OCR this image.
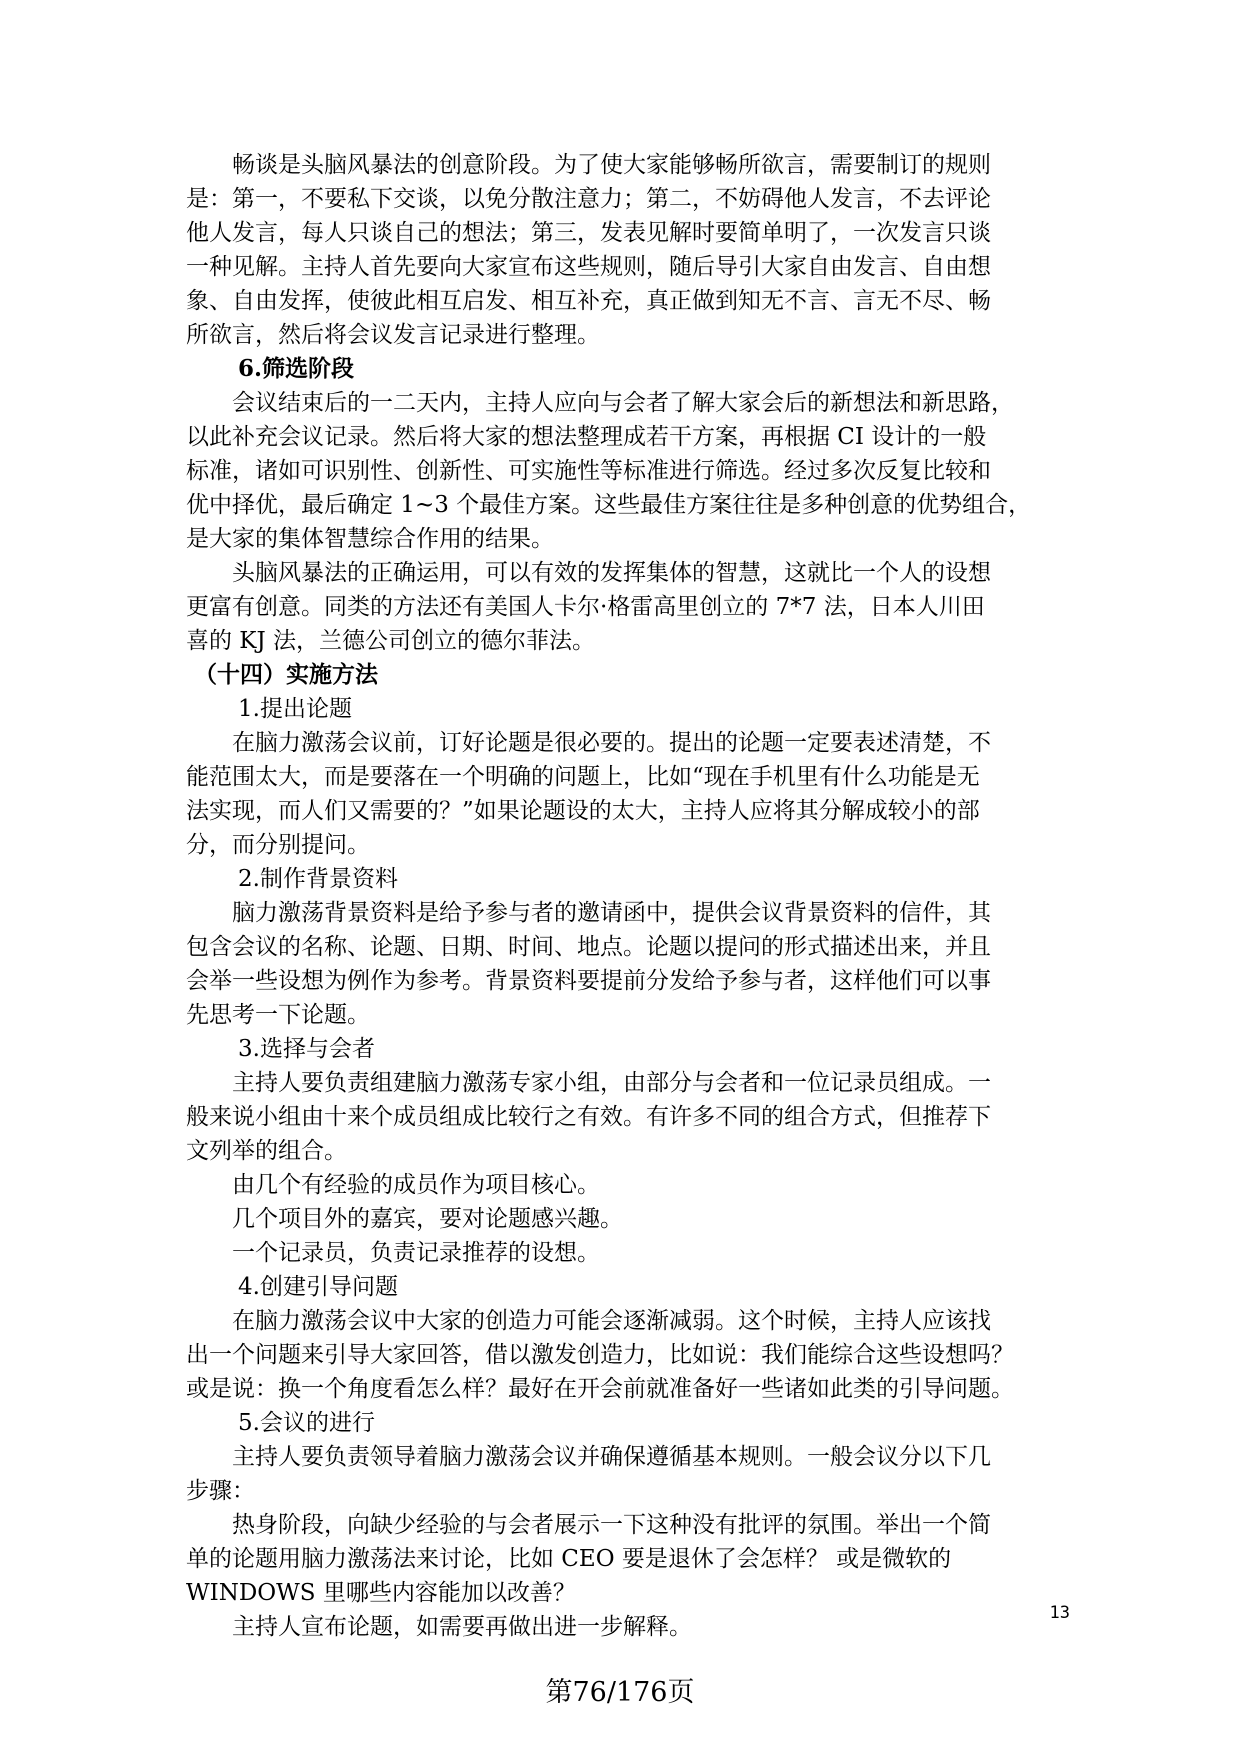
畅谈是头脑风暴法的创意阶段。为了使大家能够畅所欲言，需要制订的规则
是：第一，不要私下交谈，以免分散注意力；第二，不妨碍他人发言，不去评论
他人发言，每人只谈自己的想法；第三，发表见解时要简单明了，一次发言只谈
一种见解。主持人首先要向大家宣布这些规则，随后导引大家自由发言、自由想
象、自由发挥，使彼此相互启发、相互补充，真正做到知无不言、言无不尽、畅
所欲言，然后将会议发言记录进行整理。
6.筛选阶段
会议结束后的一二天内，主持人应向与会者了解大家会后的新想法和新思路，
以此补充会议记录。然后将大家的想法整理成若干方案，再根据 CI 设计的一般
标准，诸如可识别性、创新性、可实施性等标准进行筛选。经过多次反复比较和
优中择优，最后确定 1~3 个最佳方案。这些最佳方案往往是多种创意的优势组合，
是大家的集体智慧综合作用的结果。
头脑风暴法的正确运用，可以有效的发挥集体的智慧，这就比一个人的设想
更富有创意。同类的方法还有美国人卡尔·格雷高里创立的 7*7 法，日本人川田
喜的 KJ 法，兰德公司创立的德尔菲法。
（十四）实施方法
1.提出论题
在脑力激荡会议前，订好论题是很必要的。提出的论题一定要表述清楚，不
能范围太大，而是要落在一个明确的问题上，比如“现在手机里有什么功能是无
法实现，而人们又需要的？”如果论题设的太大，主持人应将其分解成较小的部
分，而分别提问。
2.制作背景资料
脑力激荡背景资料是给予参与者的邀请函中，提供会议背景资料的信件，其
包含会议的名称、论题、日期、时间、地点。论题以提问的形式描述出来，并且
会举一些设想为例作为参考。背景资料要提前分发给予参与者，这样他们可以事
先思考一下论题。
3.选择与会者
主持人要负责组建脑力激荡专家小组，由部分与会者和一位记录员组成。一
般来说小组由十来个成员组成比较行之有效。有许多不同的组合方式，但推荐下
文列举的组合。
由几个有经验的成员作为项目核心。
几个项目外的嘉宾，要对论题感兴趣。
一个记录员，负责记录推荐的设想。
4.创建引导问题
在脑力激荡会议中大家的创造力可能会逐渐减弱。这个时候，主持人应该找
出一个问题来引导大家回答，借以激发创造力，比如说：我们能综合这些设想吗？
或是说：换一个角度看怎么样？最好在开会前就准备好一些诸如此类的引导问题。
5.会议的进行
主持人要负责领导着脑力激荡会议并确保遵循基本规则。一般会议分以下几
步骤：
热身阶段，向缺少经验的与会者展示一下这种没有批评的氛围。举出一个简
单的论题用脑力激荡法来讨论，比如 CEO 要是退休了会怎样？ 或是微软的
WINDOWS 里哪些内容能加以改善？
主持人宣布论题，如需要再做出进一步解释。
13
第76/176页
